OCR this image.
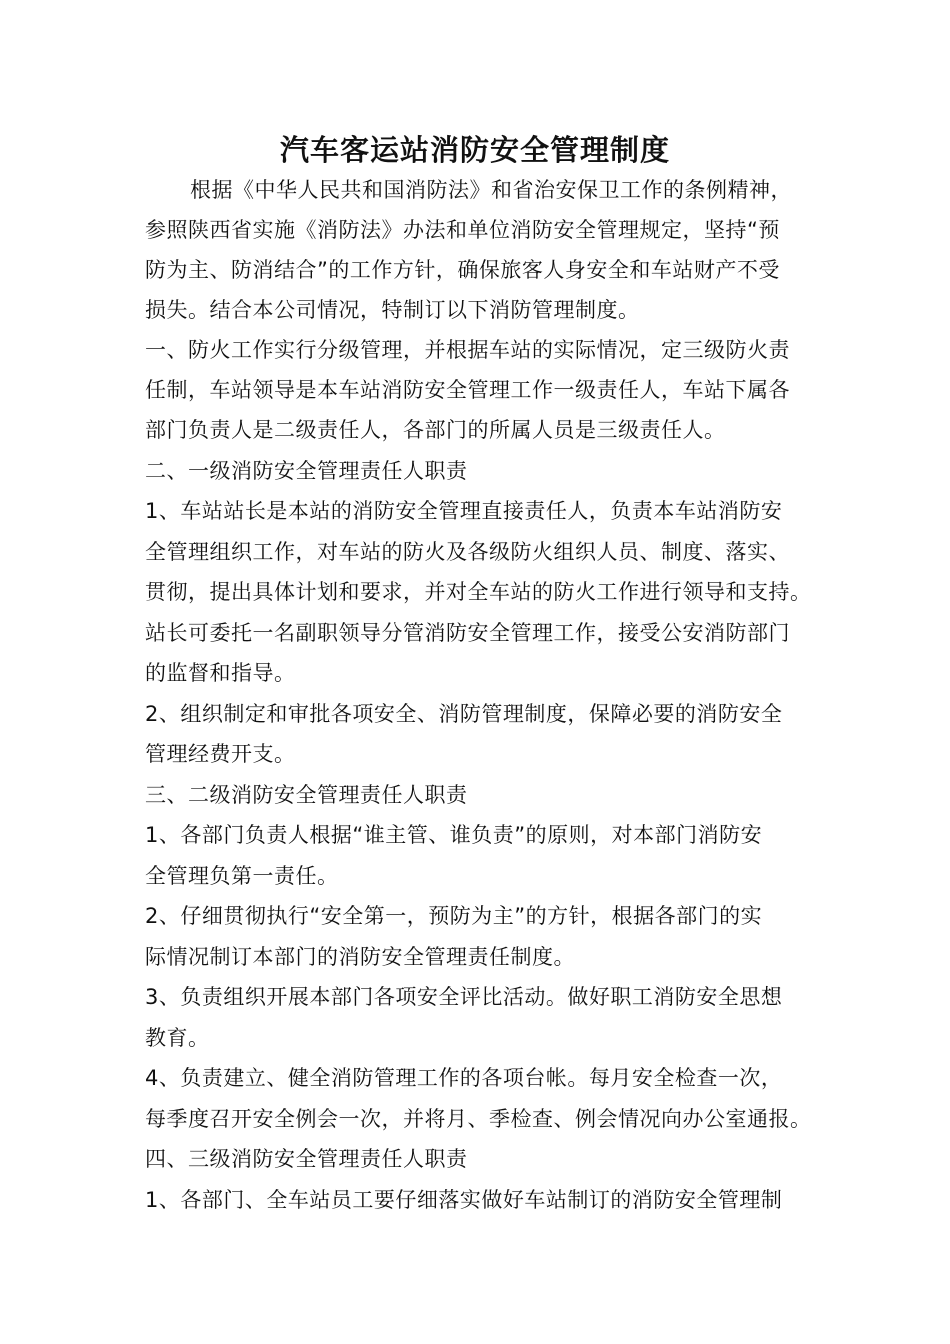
汽车客运站消防安全管理制度
根据《中华人民共和国消防法》和省治安保卫工作的条例精神，
参照陕西省实施《消防法》办法和单位消防安全管理规定，坚持“预
防为主、防消结合”的工作方针，确保旅客人身安全和车站财产不受
损失。结合本公司情况，特制订以下消防管理制度。
一、防火工作实行分级管理，并根据车站的实际情况，定三级防火责
任制，车站领导是本车站消防安全管理工作一级责任人，车站下属各
部门负责人是二级责任人，各部门的所属人员是三级责任人。
二、一级消防安全管理责任人职责
1、车站站长是本站的消防安全管理直接责任人，负责本车站消防安
全管理组织工作，对车站的防火及各级防火组织人员、制度、落实、
贯彻，提出具体计划和要求，并对全车站的防火工作进行领导和支持。
站长可委托一名副职领导分管消防安全管理工作，接受公安消防部门
的监督和指导。
2、组织制定和审批各项安全、消防管理制度，保障必要的消防安全
管理经费开支。
三、二级消防安全管理责任人职责
1、各部门负责人根据“谁主管、谁负责”的原则，对本部门消防安
全管理负第一责任。
2、仔细贯彻执行“安全第一，预防为主”的方针，根据各部门的实
际情况制订本部门的消防安全管理责任制度。
3、负责组织开展本部门各项安全评比活动。做好职工消防安全思想
教育。
4、负责建立、健全消防管理工作的各项台帐。每月安全检查一次，
每季度召开安全例会一次，并将月、季检查、例会情况向办公室通报。
四、三级消防安全管理责任人职责
1、各部门、全车站员工要仔细落实做好车站制订的消防安全管理制
